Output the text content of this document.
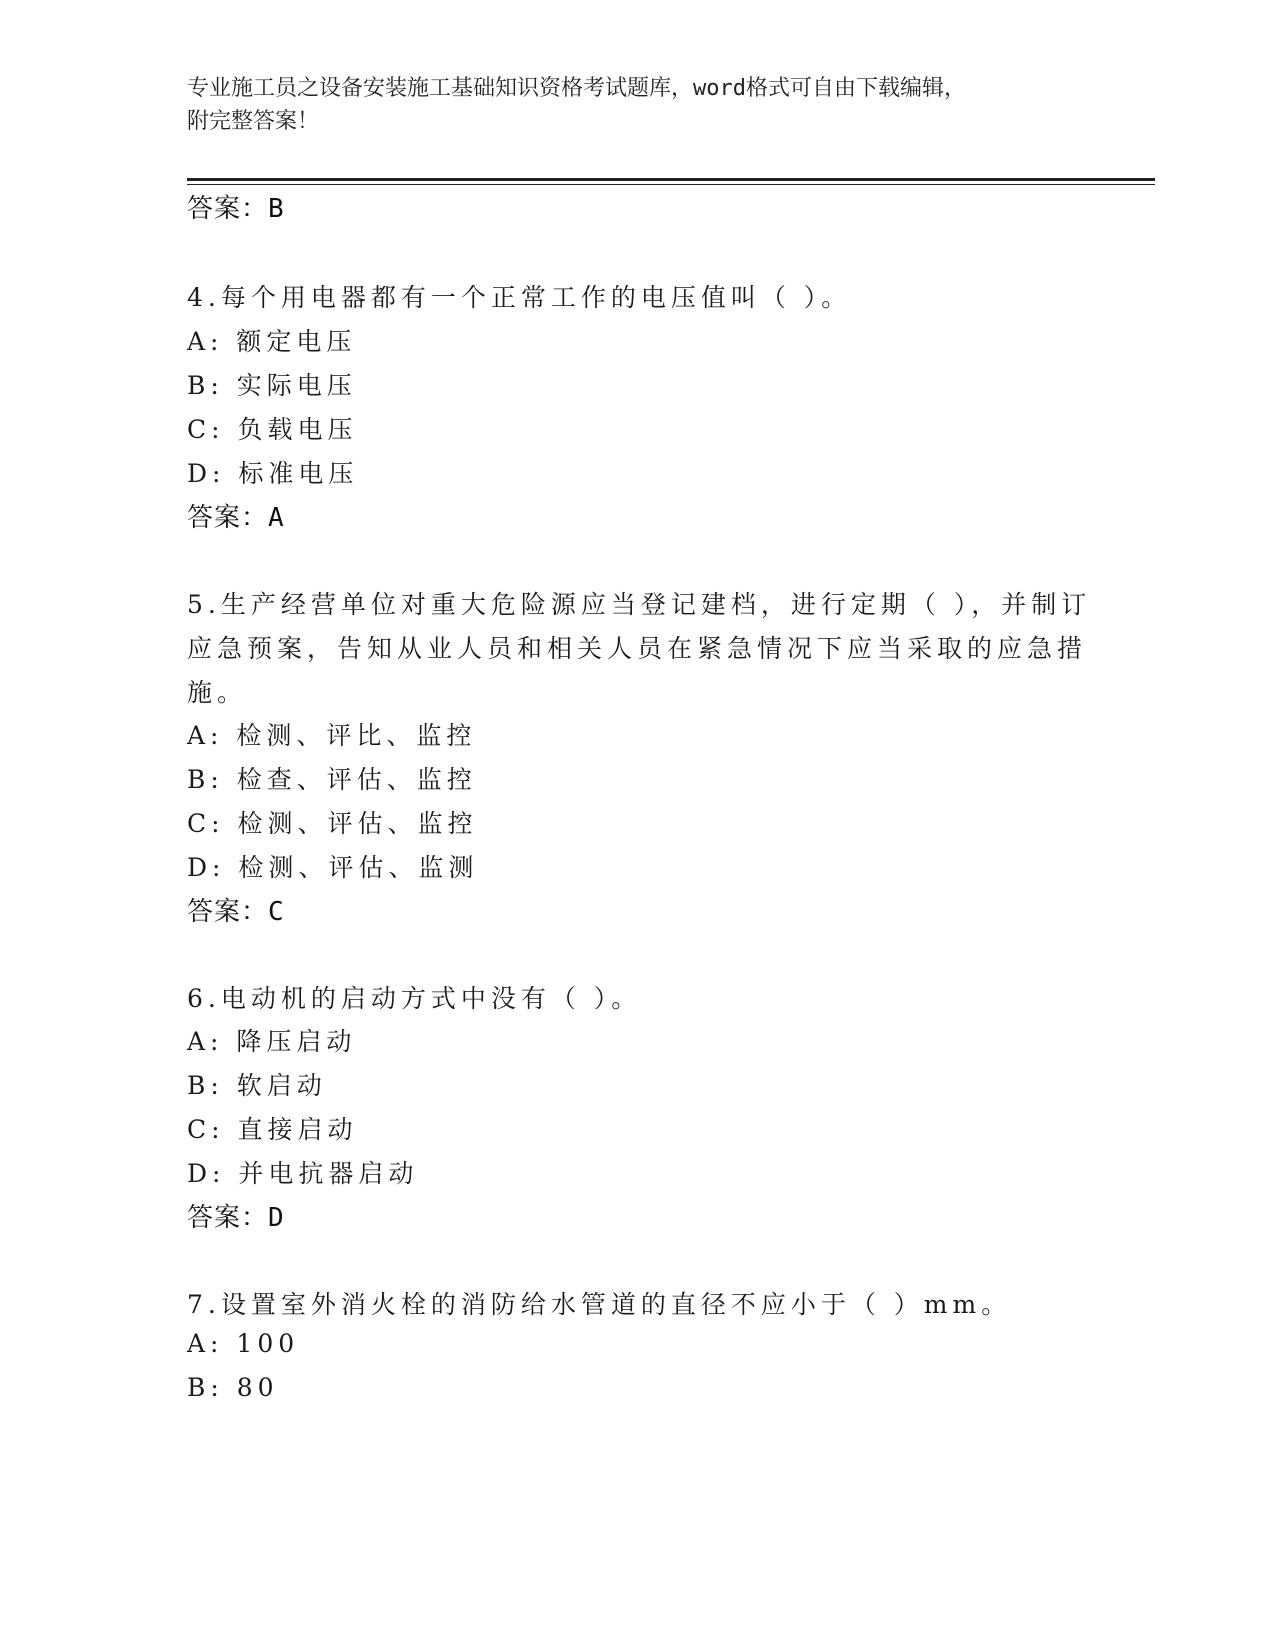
专业施工员之设备安装施工基础知识资格考试题库，word格式可自由下载编辑，
附完整答案！
答案：B
4.每个用电器都有一个正常工作的电压值叫（ ）。
A: 额定电压
B: 实际电压
C: 负载电压
D: 标准电压
答案：A
5.生产经营单位对重大危险源应当登记建档，进行定期（ ），并制订
应急预案，告知从业人员和相关人员在紧急情况下应当采取的应急措
施。
A: 检测、评比、监控
B: 检查、评估、监控
C: 检测、评估、监控
D: 检测、评估、监测
答案：C
6.电动机的启动方式中没有（ ）。
A: 降压启动
B: 软启动
C: 直接启动
D: 并电抗器启动
答案：D
7.设置室外消火栓的消防给水管道的直径不应小于（ ）mm。
A: 100
B: 80
